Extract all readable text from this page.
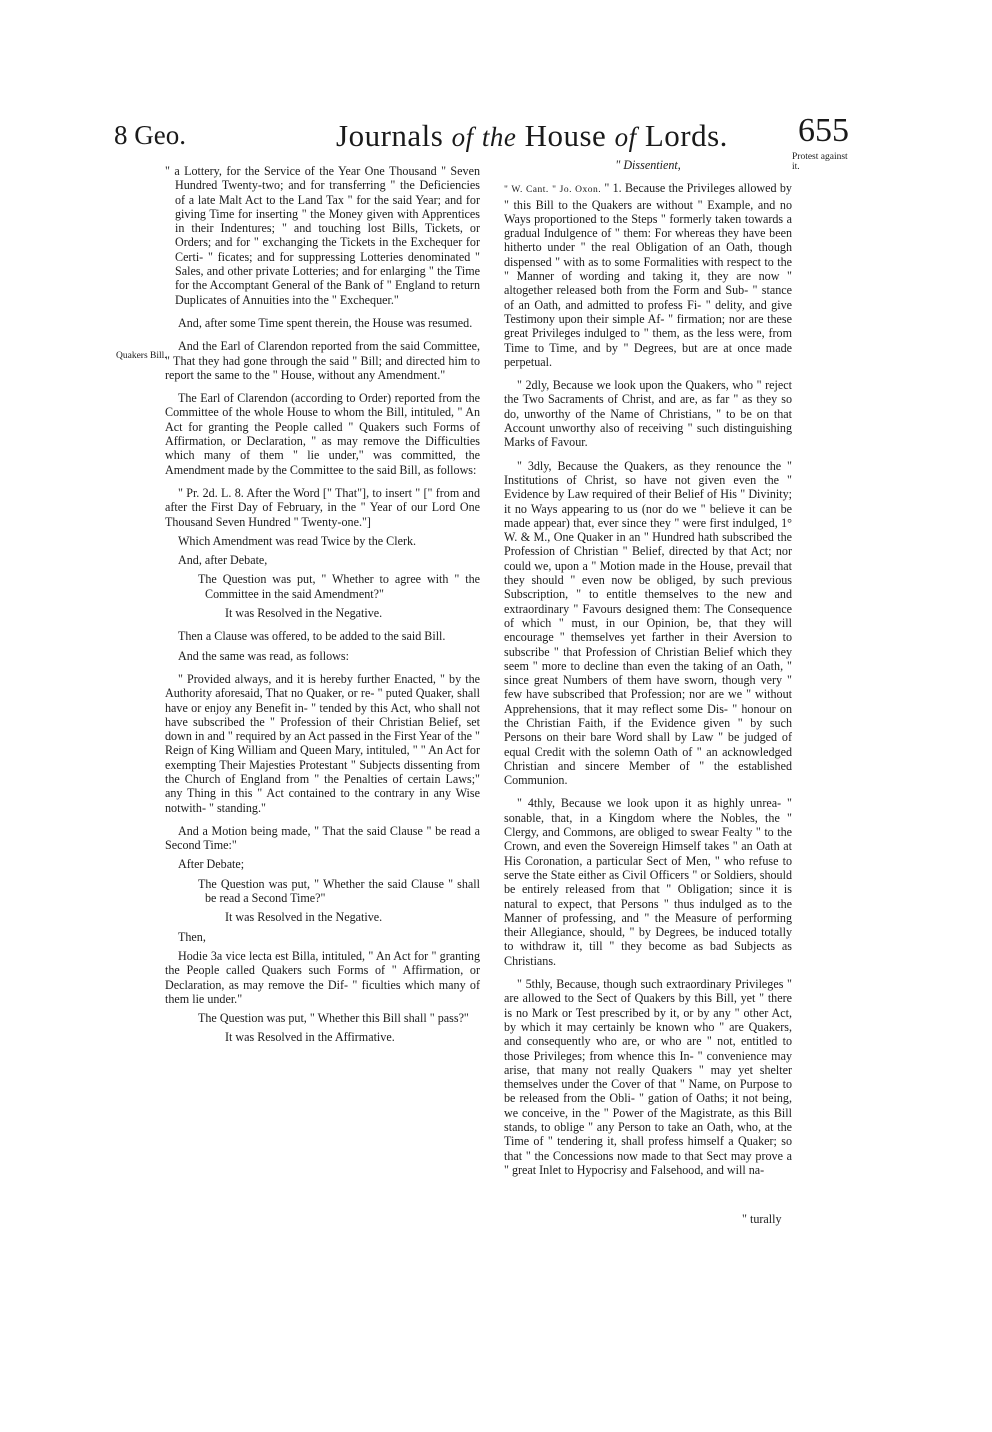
8 Geo.	Journals of the House of Lords. 655
Quakers Bill.
Protest against it.

" a Lottery, for the Service of the Year One Thousand " Seven Hundred Twenty-two; and for transferring " the Deficiencies of a late Malt Act to the Land Tax " for the said Year; and for giving Time for inserting " the Money given with Apprentices in their Indentures; " and touching lost Bills, Tickets, or Orders; and for " exchanging the Tickets in the Exchequer for Certi- " ficates; and for suppressing Lotteries denominated " Sales, and other private Lotteries; and for enlarging " the Time for the Accomptant General of the Bank of " England to return Duplicates of Annuities into the " Exchequer."

And, after some Time spent therein, the House was resumed.

And the Earl of Clarendon reported from the said Committee, " That they had gone through the said " Bill; and directed him to report the same to the " House, without any Amendment."

The Earl of Clarendon (according to Order) reported from the Committee of the whole House to whom the Bill, intituled, " An Act for granting the People called " Quakers such Forms of Affirmation, or Declaration, " as may remove the Difficulties which many of them " lie under," was committed, the Amendment made by the Committee to the said Bill, as follows:

" Pr. 2d. L. 8. After the Word [" That"], to insert " [" from and after the First Day of February, in the " Year of our Lord One Thousand Seven Hundred " Twenty-one."]

Which Amendment was read Twice by the Clerk.

And, after Debate,

The Question was put, " Whether to agree with " the Committee in the said Amendment?"

It was Resolved in the Negative.

Then a Clause was offered, to be added to the said Bill.

And the same was read, as follows:

" Provided always, and it is hereby further Enacted, " by the Authority aforesaid, That no Quaker, or re- " puted Quaker, shall have or enjoy any Benefit in- " tended by this Act, who shall not have subscribed the " Profession of their Christian Belief, set down in and " required by an Act passed in the First Year of the " Reign of King William and Queen Mary, intituled, " " An Act for exempting Their Majesties Protestant " Subjects dissenting from the Church of England from " the Penalties of certain Laws;" any Thing in this " Act contained to the contrary in any Wise notwith- " standing."

And a Motion being made, " That the said Clause " be read a Second Time:"

After Debate;

The Question was put, " Whether the said Clause " shall be read a Second Time?"

It was Resolved in the Negative.

Then,

Hodie 3a vice lecta est Billa, intituled, " An Act for " granting the People called Quakers such Forms of " Affirmation, or Declaration, as may remove the Dif- " ficulties which many of them lie under."

The Question was put, " Whether this Bill shall " pass?"

It was Resolved in the Affirmative.

" Dissentient,

" W. Cant. " Jo. Oxon. " 1. Because the Privileges allowed by " this Bill to the Quakers are without " Example, and no Ways proportioned to the Steps " formerly taken towards a gradual Indulgence of " them: For whereas they have been hitherto under " the real Obligation of an Oath, though dispensed " with as to some Formalities with respect to the " Manner of wording and taking it, they are now " altogether released both from the Form and Sub- " stance of an Oath, and admitted to profess Fi- " delity, and give Testimony upon their simple Af- " firmation; nor are these great Privileges indulged to " them, as the less were, from Time to Time, and by " Degrees, but are at once made perpetual.

" 2dly, Because we look upon the Quakers, who " reject the Two Sacraments of Christ, and are, as far " as they so do, unworthy of the Name of Christians, " to be on that Account unworthy also of receiving " such distinguishing Marks of Favour.

" 3dly, Because the Quakers, as they renounce the " Institutions of Christ, so have not given even the " Evidence by Law required of their Belief of His " Divinity; it no Ways appearing to us (nor do we " believe it can be made appear) that, ever since they " were first indulged, 1° W. & M., One Quaker in an " Hundred hath subscribed the Profession of Christian " Belief, directed by that Act; nor could we, upon a " Motion made in the House, prevail that they should " even now be obliged, by such previous Subscription, " to entitle themselves to the new and extraordinary " Favours designed them: The Consequence of which " must, in our Opinion, be, that they will encourage " themselves yet farther in their Aversion to subscribe " that Profession of Christian Belief which they seem " more to decline than even the taking of an Oath, " since great Numbers of them have sworn, though very " few have subscribed that Profession; nor are we " without Apprehensions, that it may reflect some Dis- " honour on the Christian Faith, if the Evidence given " by such Persons on their bare Word shall by Law " be judged of equal Credit with the solemn Oath of " an acknowledged Christian and sincere Member of " the established Communion.

" 4thly, Because we look upon it as highly unrea- " sonable, that, in a Kingdom where the Nobles, the " Clergy, and Commons, are obliged to swear Fealty " to the Crown, and even the Sovereign Himself takes " an Oath at His Coronation, a particular Sect of Men, " who refuse to serve the State either as Civil Officers " or Soldiers, should be entirely released from that " Obligation; since it is natural to expect, that Persons " thus indulged as to the Manner of professing, and " the Measure of performing their Allegiance, should, " by Degrees, be induced totally to withdraw it, till " they become as bad Subjects as Christians.

" 5thly, Because, though such extraordinary Privileges " are allowed to the Sect of Quakers by this Bill, yet " there is no Mark or Test prescribed by it, or by any " other Act, by which it may certainly be known who " are Quakers, and consequently who are, or who are " not, entitled to those Privileges; from whence this In- " convenience may arise, that many not really Quakers " may yet shelter themselves under the Cover of that " Name, on Purpose to be released from the Obli- " gation of Oaths; it not being, we conceive, in the " Power of the Magistrate, as this Bill stands, to oblige " any Person to take an Oath, who, at the Time of " tendering it, shall profess himself a Quaker; so that " the Concessions now made to that Sect may prove a " great Inlet to Hypocrisy and Falsehood, and will na-

" turally
